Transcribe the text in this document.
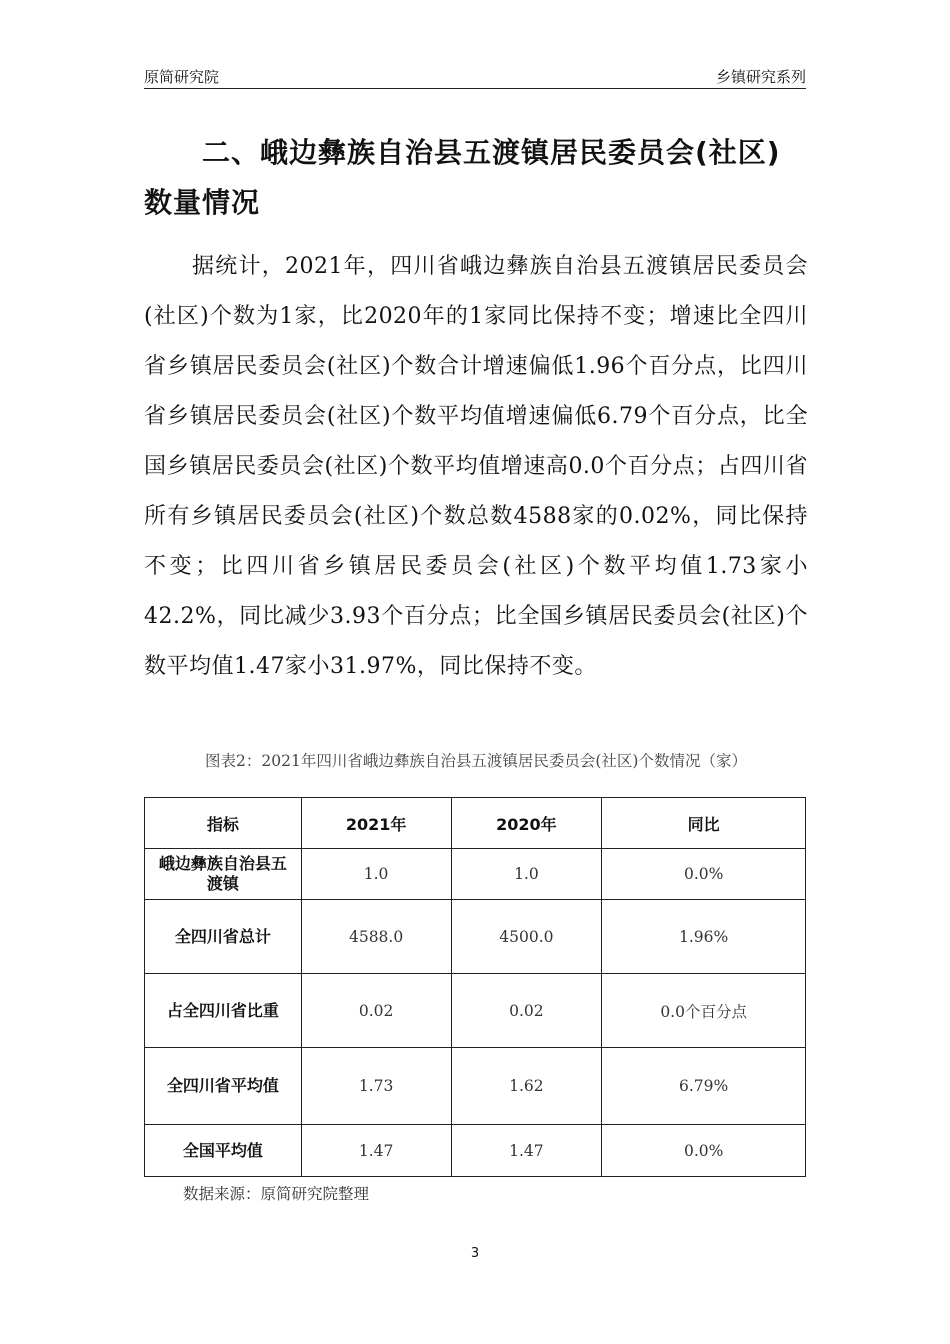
原简研究院	乡镇研究系列
二、峨边彝族自治县五渡镇居民委员会(社区)数量情况
据统计，2021年，四川省峨边彝族自治县五渡镇居民委员会(社区)个数为1家，比2020年的1家同比保持不变；增速比全四川省乡镇居民委员会(社区)个数合计增速偏低1.96个百分点，比四川省乡镇居民委员会(社区)个数平均值增速偏低6.79个百分点，比全国乡镇居民委员会(社区)个数平均值增速高0.0个百分点；占四川省所有乡镇居民委员会(社区)个数总数4588家的0.02%，同比保持不变；比四川省乡镇居民委员会(社区)个数平均值1.73家小42.2%，同比减少3.93个百分点；比全国乡镇居民委员会(社区)个数平均值1.47家小31.97%，同比保持不变。
图表2：2021年四川省峨边彝族自治县五渡镇居民委员会(社区)个数情况（家）
指标	2021年	2020年	同比
峨边彝族自治县五渡镇	1.0	1.0	0.0%
全四川省总计	4588.0	4500.0	1.96%
占全四川省比重	0.02	0.02	0.0个百分点
全四川省平均值	1.73	1.62	6.79%
全国平均值	1.47	1.47	0.0%
数据来源：原简研究院整理
3
